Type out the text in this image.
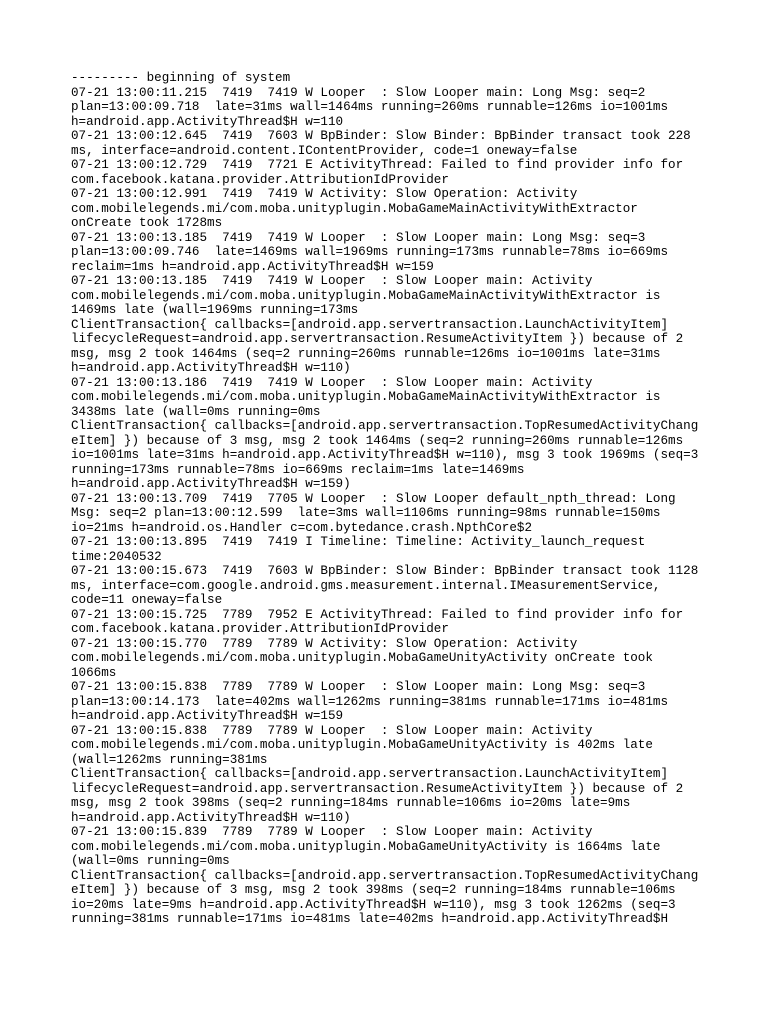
--------- beginning of system
07-21 13:00:11.215  7419  7419 W Looper  : Slow Looper main: Long Msg: seq=2
plan=13:00:09.718  late=31ms wall=1464ms running=260ms runnable=126ms io=1001ms
h=android.app.ActivityThread$H w=110
07-21 13:00:12.645  7419  7603 W BpBinder: Slow Binder: BpBinder transact took 228
ms, interface=android.content.IContentProvider, code=1 oneway=false
07-21 13:00:12.729  7419  7721 E ActivityThread: Failed to find provider info for
com.facebook.katana.provider.AttributionIdProvider
07-21 13:00:12.991  7419  7419 W Activity: Slow Operation: Activity
com.mobilelegends.mi/com.moba.unityplugin.MobaGameMainActivityWithExtractor
onCreate took 1728ms
07-21 13:00:13.185  7419  7419 W Looper  : Slow Looper main: Long Msg: seq=3
plan=13:00:09.746  late=1469ms wall=1969ms running=173ms runnable=78ms io=669ms
reclaim=1ms h=android.app.ActivityThread$H w=159
07-21 13:00:13.185  7419  7419 W Looper  : Slow Looper main: Activity
com.mobilelegends.mi/com.moba.unityplugin.MobaGameMainActivityWithExtractor is
1469ms late (wall=1969ms running=173ms
ClientTransaction{ callbacks=[android.app.servertransaction.LaunchActivityItem]
lifecycleRequest=android.app.servertransaction.ResumeActivityItem }) because of 2
msg, msg 2 took 1464ms (seq=2 running=260ms runnable=126ms io=1001ms late=31ms
h=android.app.ActivityThread$H w=110)
07-21 13:00:13.186  7419  7419 W Looper  : Slow Looper main: Activity
com.mobilelegends.mi/com.moba.unityplugin.MobaGameMainActivityWithExtractor is
3438ms late (wall=0ms running=0ms
ClientTransaction{ callbacks=[android.app.servertransaction.TopResumedActivityChang
eItem] }) because of 3 msg, msg 2 took 1464ms (seq=2 running=260ms runnable=126ms
io=1001ms late=31ms h=android.app.ActivityThread$H w=110), msg 3 took 1969ms (seq=3
running=173ms runnable=78ms io=669ms reclaim=1ms late=1469ms
h=android.app.ActivityThread$H w=159)
07-21 13:00:13.709  7419  7705 W Looper  : Slow Looper default_npth_thread: Long
Msg: seq=2 plan=13:00:12.599  late=3ms wall=1106ms running=98ms runnable=150ms
io=21ms h=android.os.Handler c=com.bytedance.crash.NpthCore$2
07-21 13:00:13.895  7419  7419 I Timeline: Timeline: Activity_launch_request
time:2040532
07-21 13:00:15.673  7419  7603 W BpBinder: Slow Binder: BpBinder transact took 1128
ms, interface=com.google.android.gms.measurement.internal.IMeasurementService,
code=11 oneway=false
07-21 13:00:15.725  7789  7952 E ActivityThread: Failed to find provider info for
com.facebook.katana.provider.AttributionIdProvider
07-21 13:00:15.770  7789  7789 W Activity: Slow Operation: Activity
com.mobilelegends.mi/com.moba.unityplugin.MobaGameUnityActivity onCreate took
1066ms
07-21 13:00:15.838  7789  7789 W Looper  : Slow Looper main: Long Msg: seq=3
plan=13:00:14.173  late=402ms wall=1262ms running=381ms runnable=171ms io=481ms
h=android.app.ActivityThread$H w=159
07-21 13:00:15.838  7789  7789 W Looper  : Slow Looper main: Activity
com.mobilelegends.mi/com.moba.unityplugin.MobaGameUnityActivity is 402ms late
(wall=1262ms running=381ms
ClientTransaction{ callbacks=[android.app.servertransaction.LaunchActivityItem]
lifecycleRequest=android.app.servertransaction.ResumeActivityItem }) because of 2
msg, msg 2 took 398ms (seq=2 running=184ms runnable=106ms io=20ms late=9ms
h=android.app.ActivityThread$H w=110)
07-21 13:00:15.839  7789  7789 W Looper  : Slow Looper main: Activity
com.mobilelegends.mi/com.moba.unityplugin.MobaGameUnityActivity is 1664ms late
(wall=0ms running=0ms
ClientTransaction{ callbacks=[android.app.servertransaction.TopResumedActivityChang
eItem] }) because of 3 msg, msg 2 took 398ms (seq=2 running=184ms runnable=106ms
io=20ms late=9ms h=android.app.ActivityThread$H w=110), msg 3 took 1262ms (seq=3
running=381ms runnable=171ms io=481ms late=402ms h=android.app.ActivityThread$H
